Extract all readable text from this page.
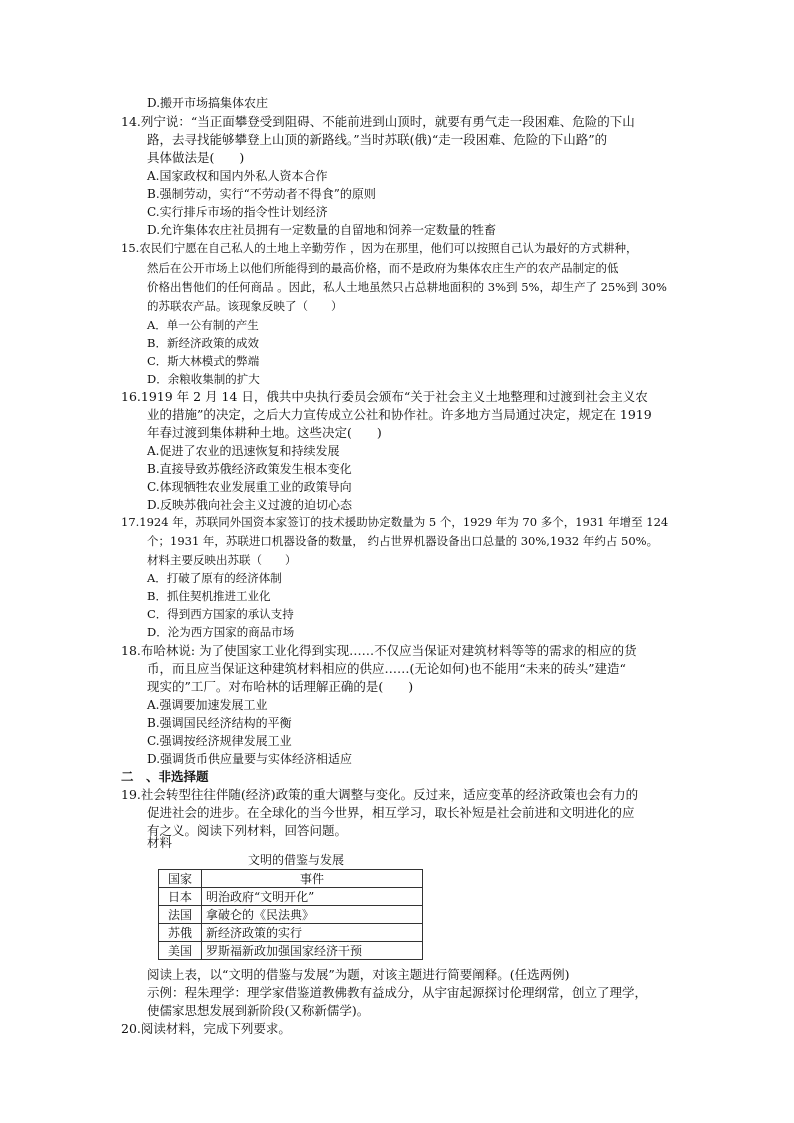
D.搬开市场搞集体农庄
14.列宁说：“当正面攀登受到阻碍、不能前进到山顶时，就要有勇气走一段困难、危险的下山
路，去寻找能够攀登上山顶的新路线。”当时苏联(俄)“走一段困难、危险的下山路”的
具体做法是(　　)
A.国家政权和国内外私人资本合作
B.强制劳动，实行“不劳动者不得食”的原则
C.实行排斥市场的指令性计划经济
D.允许集体农庄社员拥有一定数量的自留地和饲养一定数量的牲畜
15.农民们宁愿在自己私人的土地上辛勤劳作 ，因为在那里，他们可以按照自己认为最好的方式耕种，
然后在公开市场上以他们所能得到的最高价格，而不是政府为集体农庄生产的农产品制定的低
价格出售他们的任何商品 。因此，私人土地虽然只占总耕地面积的 3%到 5%，却生产了 25%到 30%
的苏联农产品。该现象反映了（　　）
A．单一公有制的产生
B．新经济政策的成效
C．斯大林模式的弊端
D．余粮收集制的扩大
16.1919 年 2 月 14 日，俄共中央执行委员会颁布“关于社会主义土地整理和过渡到社会主义农
业的措施”的决定，之后大力宣传成立公社和协作社。许多地方当局通过决定，规定在 1919
年春过渡到集体耕种土地。这些决定(　　)
A.促进了农业的迅速恢复和持续发展
B.直接导致苏俄经济政策发生根本变化
C.体现牺牲农业发展重工业的政策导向
D.反映苏俄向社会主义过渡的迫切心态
17.1924 年，苏联同外国资本家签订的技术援助协定数量为 5 个，1929 年为 70 多个，1931 年增至 124
个；1931 年，苏联进口机器设备的数量， 约占世界机器设备出口总量的 30%,1932 年约占 50%。
材料主要反映出苏联（　　）
A．打破了原有的经济体制
B．抓住契机推进工业化
C．得到西方国家的承认支持
D．沦为西方国家的商品市场
18.布哈林说: 为了使国家工业化得到实现……不仅应当保证对建筑材料等等的需求的相应的货
币，而且应当保证这种建筑材料相应的供应……(无论如何)也不能用“未来的砖头”建造“
现实的”工厂。对布哈林的话理解正确的是(　　)
A.强调要加速发展工业
B.强调国民经济结构的平衡
C.强调按经济规律发展工业
D.强调货币供应量要与实体经济相适应
二　、非选择题
19.社会转型往往伴随(经济)政策的重大调整与变化。反过来，适应变革的经济政策也会有力的
促进社会的进步。在全球化的当今世界，相互学习，取长补短是社会前进和文明进化的应
有之义。阅读下列材料，回答问题。
材料
文明的借鉴与发展
国家	事件
日本	明治政府“文明开化”
法国	拿破仑的《民法典》
苏俄	新经济政策的实行
美国	罗斯福新政加强国家经济干预
阅读上表，以“文明的借鉴与发展”为题，对该主题进行简要阐释。(任选两例)
示例：程朱理学：理学家借鉴道教佛教有益成分，从宇宙起源探讨伦理纲常，创立了理学，
使儒家思想发展到新阶段(又称新儒学)。
20.阅读材料，完成下列要求。
